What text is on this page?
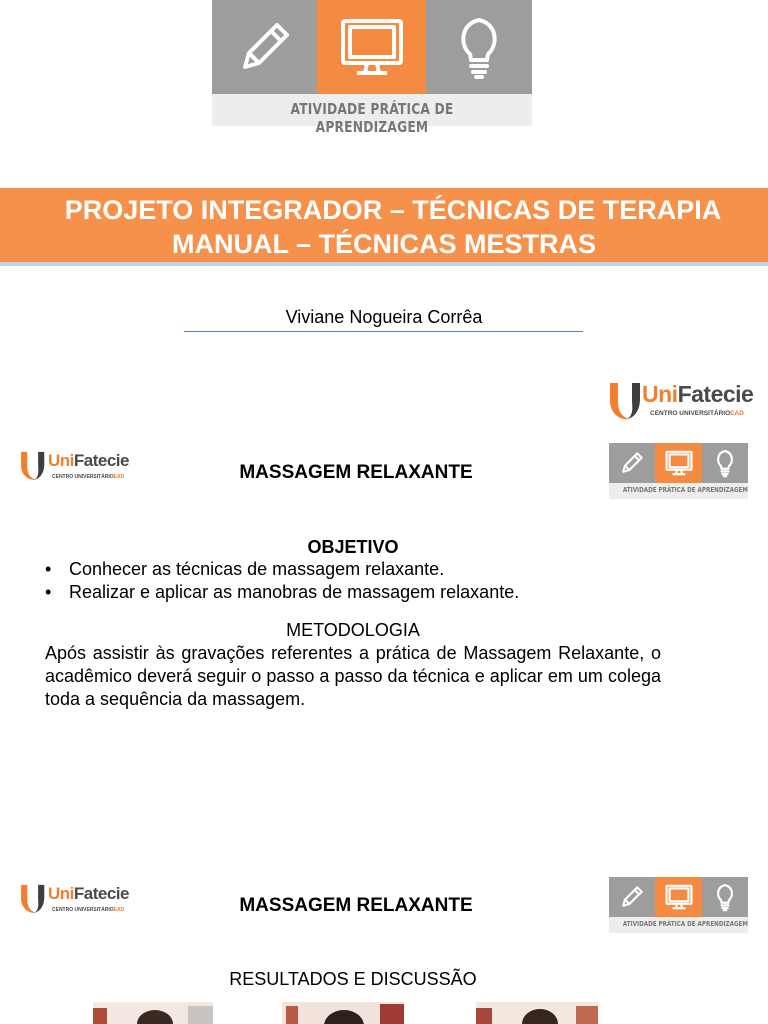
ATIVIDADE PRÁTICA DE APRENDIZAGEM
PROJETO INTEGRADOR – TÉCNICAS DE TERAPIA
MANUAL – TÉCNICAS MESTRAS
Viviane Nogueira Corrêa
UniFatecie
CENTRO UNIVERSITÁRIOEAD
UniFatecie
CENTRO UNIVERSITÁRIOEAD
ATIVIDADE PRÁTICA DE APRENDIZAGEM
MASSAGEM RELAXANTE
OBJETIVO
• Conhecer as técnicas de massagem relaxante.
• Realizar e aplicar as manobras de massagem relaxante.
METODOLOGIA

Após assistir às gravações referentes a prática de Massagem Relaxante, o acadêmico deverá seguir o passo a passo da técnica e aplicar em um colega toda a sequência da massagem.

UniFatecie
CENTRO UNIVERSITÁRIOEAD
ATIVIDADE PRÁTICA DE APRENDIZAGEM
MASSAGEM RELAXANTE
RESULTADOS E DISCUSSÃO
